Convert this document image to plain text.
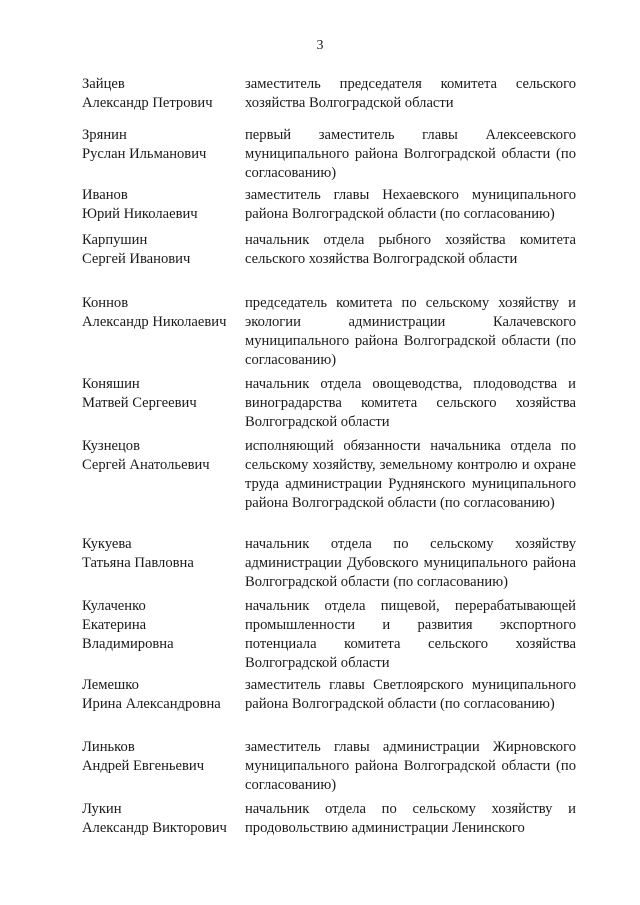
3
Зайцев
Александр Петрович
заместитель председателя комитета сельского хозяйства Волгоградской области
Зрянин
Руслан Ильманович
первый заместитель главы Алексеевского муниципального района Волгоградской области (по согласованию)
Иванов
Юрий Николаевич
заместитель главы Нехаевского муниципального района Волгоградской области (по согласованию)
Карпушин
Сергей Иванович
начальник отдела рыбного хозяйства комитета сельского хозяйства Волгоградской области
Коннов
Александр Николаевич
председатель комитета по сельскому хозяйству и экологии администрации Калачевского муниципального района Волгоградской области (по согласованию)
Коняшин
Матвей Сергеевич
начальник отдела овощеводства, плодоводства и виноградарства комитета сельского хозяйства Волгоградской области
Кузнецов
Сергей Анатольевич
исполняющий обязанности начальника отдела по сельскому хозяйству, земельному контролю и охране труда администрации Руднянского муниципального района Волгоградской области (по согласованию)
Кукуева
Татьяна Павловна
начальник отдела по сельскому хозяйству администрации Дубовского муниципального района Волгоградской области (по согласованию)
Кулаченко
Екатерина
Владимировна
начальник отдела пищевой, перерабатывающей промышленности и развития экспортного потенциала комитета сельского хозяйства Волгоградской области
Лемешко
Ирина Александровна
заместитель главы Светлоярского муниципального района Волгоградской области (по согласованию)
Линьков
Андрей Евгеньевич
заместитель главы администрации Жирновского муниципального района Волгоградской области (по согласованию)
Лукин
Александр Викторович
начальник отдела по сельскому хозяйству и продовольствию администрации Ленинского
